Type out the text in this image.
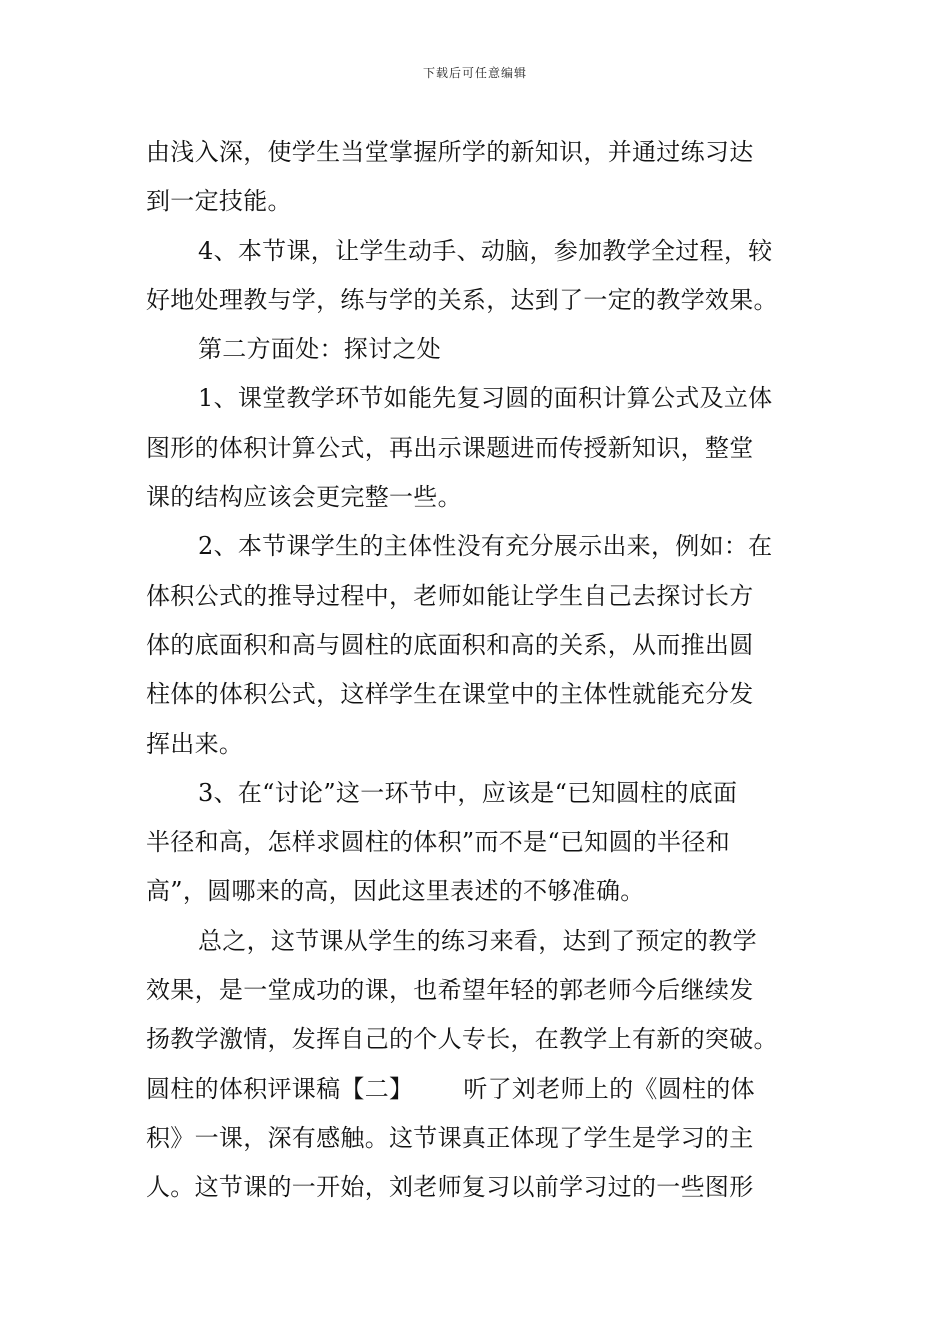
下载后可任意编辑
由浅入深，使学生当堂掌握所学的新知识，并通过练习达
到一定技能。
4、本节课，让学生动手、动脑，参加教学全过程，较
好地处理教与学，练与学的关系，达到了一定的教学效果。
第二方面处：探讨之处
1、课堂教学环节如能先复习圆的面积计算公式及立体
图形的体积计算公式，再出示课题进而传授新知识，整堂
课的结构应该会更完整一些。
2、本节课学生的主体性没有充分展示出来，例如：在
体积公式的推导过程中，老师如能让学生自己去探讨长方
体的底面积和高与圆柱的底面积和高的关系，从而推出圆
柱体的体积公式，这样学生在课堂中的主体性就能充分发
挥出来。
3、在“讨论”这一环节中，应该是“已知圆柱的底面
半径和高，怎样求圆柱的体积”而不是“已知圆的半径和
高”，圆哪来的高，因此这里表述的不够准确。
总之，这节课从学生的练习来看，达到了预定的教学
效果，是一堂成功的课，也希望年轻的郭老师今后继续发
扬教学激情，发挥自己的个人专长，在教学上有新的突破。
圆柱的体积评课稿【二】 听了刘老师上的《圆柱的体
积》一课，深有感触。这节课真正体现了学生是学习的主
人。这节课的一开始，刘老师复习以前学习过的一些图形
